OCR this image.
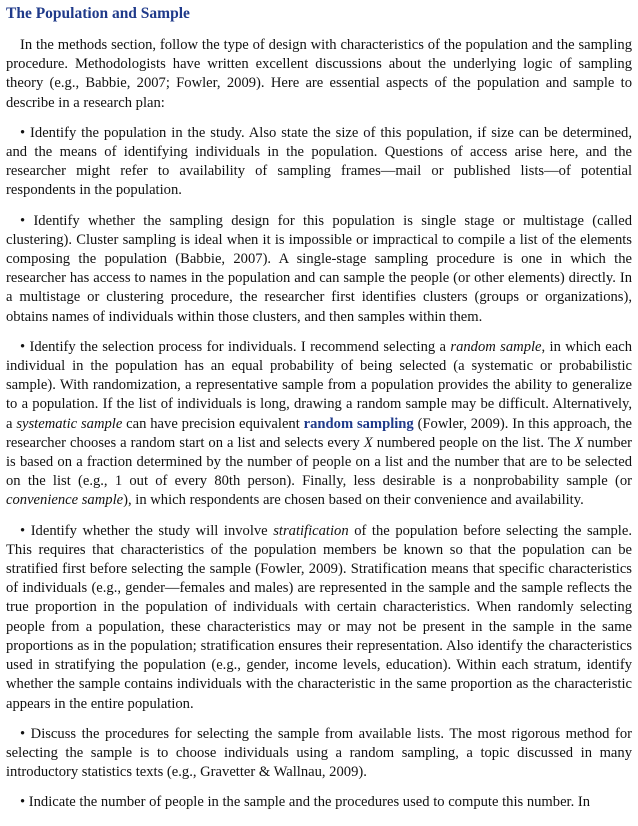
The Population and Sample

In the methods section, follow the type of design with characteristics of the population and the sampling procedure. Methodologists have written excellent discussions about the underlying logic of sampling theory (e.g., Babbie, 2007; Fowler, 2009). Here are essential aspects of the population and sample to describe in a research plan:

• Identify the population in the study. Also state the size of this population, if size can be determined, and the means of identifying individuals in the population. Questions of access arise here, and the researcher might refer to availability of sampling frames—mail or published lists—of potential respondents in the population.

• Identify whether the sampling design for this population is single stage or multistage (called clustering). Cluster sampling is ideal when it is impossible or impractical to compile a list of the elements composing the population (Babbie, 2007). A single-stage sampling procedure is one in which the researcher has access to names in the population and can sample the people (or other elements) directly. In a multistage or clustering procedure, the researcher first identifies clusters (groups or organizations), obtains names of individuals within those clusters, and then samples within them.

• Identify the selection process for individuals. I recommend selecting a random sample, in which each individual in the population has an equal probability of being selected (a systematic or probabilistic sample). With randomization, a representative sample from a population provides the ability to generalize to a population. If the list of individuals is long, drawing a random sample may be difficult. Alternatively, a systematic sample can have precision equivalent random sampling (Fowler, 2009). In this approach, the researcher chooses a random start on a list and selects every X numbered people on the list. The X number is based on a fraction determined by the number of people on a list and the number that are to be selected on the list (e.g., 1 out of every 80th person). Finally, less desirable is a nonprobability sample (or convenience sample), in which respondents are chosen based on their convenience and availability.

• Identify whether the study will involve stratification of the population before selecting the sample. This requires that characteristics of the population members be known so that the population can be stratified first before selecting the sample (Fowler, 2009). Stratification means that specific characteristics of individuals (e.g., gender—females and males) are represented in the sample and the sample reflects the true proportion in the population of individuals with certain characteristics. When randomly selecting people from a population, these characteristics may or may not be present in the sample in the same proportions as in the population; stratification ensures their representation. Also identify the characteristics used in stratifying the population (e.g., gender, income levels, education). Within each stratum, identify whether the sample contains individuals with the characteristic in the same proportion as the characteristic appears in the entire population.

• Discuss the procedures for selecting the sample from available lists. The most rigorous method for selecting the sample is to choose individuals using a random sampling, a topic discussed in many introductory statistics texts (e.g., Gravetter & Wallnau, 2009).

• Indicate the number of people in the sample and the procedures used to compute this number. In
